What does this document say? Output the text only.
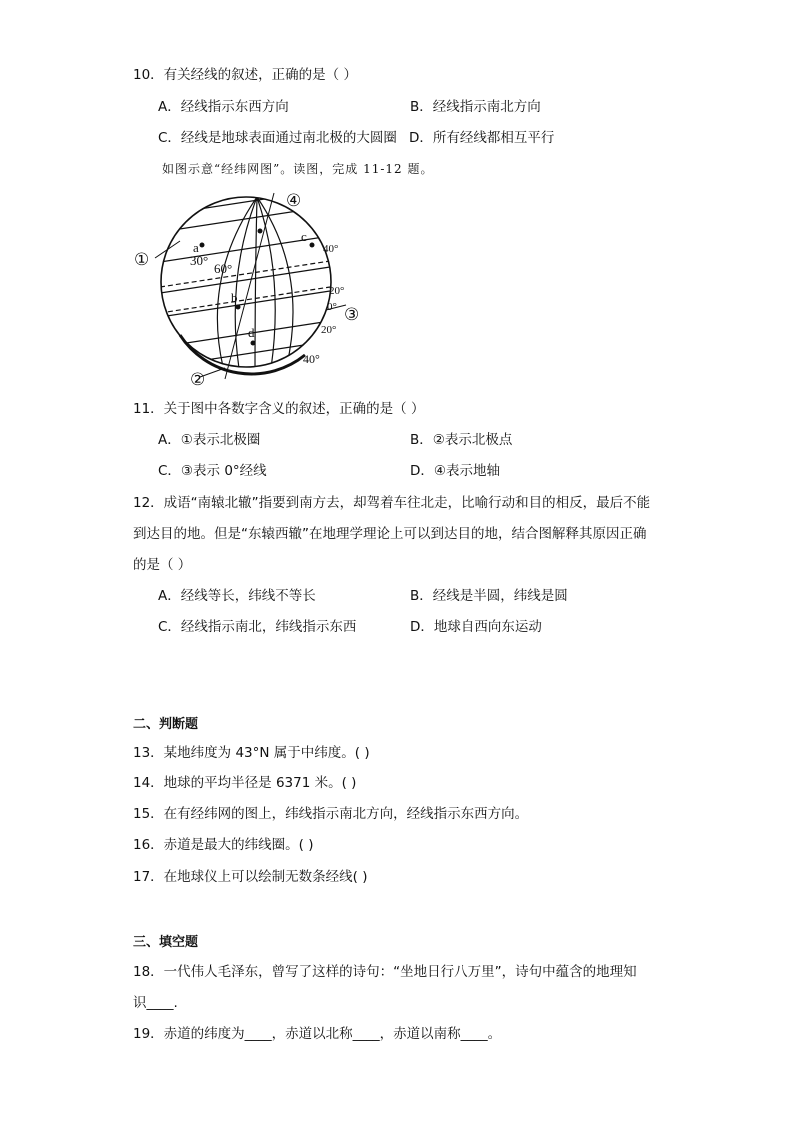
10．有关经线的叙述，正确的是（ ）
A．经线指示东西方向	B．经线指示南北方向
C．经线是地球表面通过南北极的大圆圈 D．所有经线都相互平行
如图示意“经纬网图”。读图，完成 11-12 题。
①
②
③
④
a
b
c
d
30°
60°
40°
20°
0°
20°
40°
11．关于图中各数字含义的叙述，正确的是（ ）
A．①表示北极圈	B．②表示北极点
C．③表示 0°经线	D．④表示地轴
12．成语“南辕北辙”指要到南方去，却驾着车往北走，比喻行动和目的相反，最后不能
到达目的地。但是“东辕西辙”在地理学理论上可以到达目的地，结合图解释其原因正确
的是（ ）
A．经线等长，纬线不等长	B．经线是半圆，纬线是圆
C．经线指示南北，纬线指示东西	D．地球自西向东运动
二、判断题
13．某地纬度为 43°N 属于中纬度。( )
14．地球的平均半径是 6371 米。( )
15．在有经纬网的图上，纬线指示南北方向，经线指示东西方向。
16．赤道是最大的纬线圈。( )
17．在地球仪上可以绘制无数条经线( )
三、填空题
18．一代伟人毛泽东，曾写了这样的诗句：“坐地日行八万里”，诗句中蕴含的地理知
识____.
19．赤道的纬度为____，赤道以北称____，赤道以南称____。
